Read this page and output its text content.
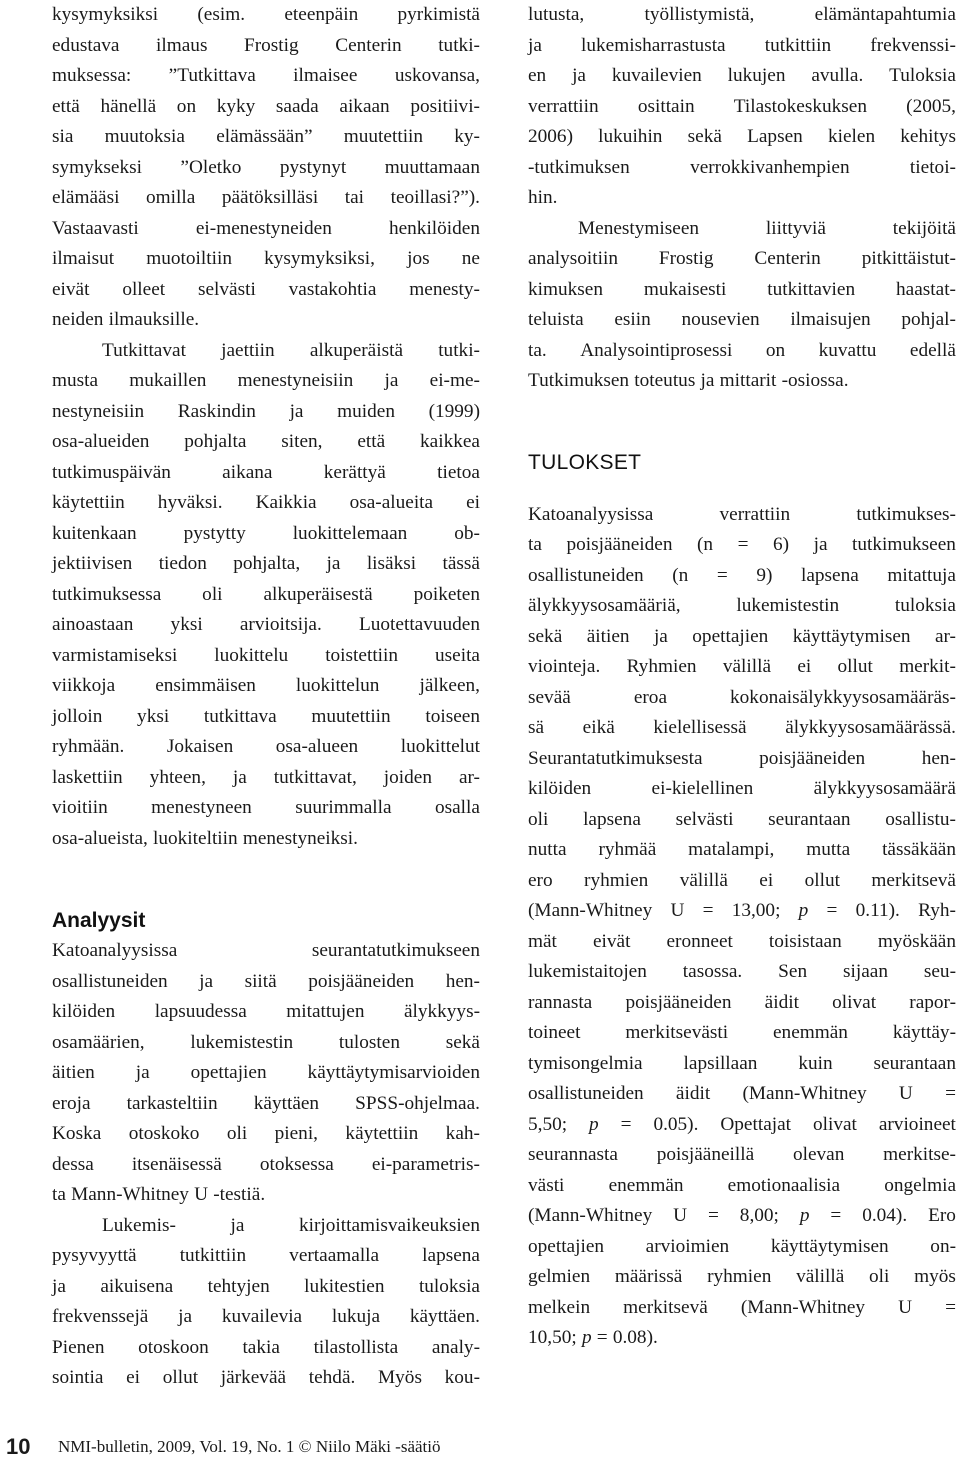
kysymyksiksi (esim. eteenpäin pyrkimistä
edustava ilmaus Frostig Centerin tutki-
muksessa: ”Tutkittava ilmaisee uskovansa,
että hänellä on kyky saada aikaan positiivi-
sia muutoksia elämässään” muutettiin ky-
symykseksi ”Oletko pystynyt muuttamaan
elämääsi omilla päätöksilläsi tai teoillasi?”).
Vastaavasti	ei-menestyneiden	henkilöiden
ilmaisut muotoiltiin kysymyksiksi, jos ne
eivät olleet selvästi vastakohtia menesty-
neiden ilmauksille.
Tutkittavat jaettiin alkuperäistä tutki-
musta mukaillen menestyneisiin ja ei-me-
nestyneisiin Raskindin ja muiden (1999)
osa-alueiden pohjalta siten, että kaikkea
tutkimuspäivän	aikana	kerättyä	tietoa
käytettiin hyväksi. Kaikkia osa-alueita ei
kuitenkaan pystytty luokittelemaan ob-
jektiivisen tiedon pohjalta, ja lisäksi tässä
tutkimuksessa oli alkuperäisestä poiketen
ainoastaan yksi arvioitsija. Luotettavuuden
varmistamiseksi luokittelu toistettiin useita
viikkoja ensimmäisen luokittelun jälkeen,
jolloin yksi tutkittava muutettiin toiseen
ryhmään. Jokaisen osa-alueen luokittelut
laskettiin yhteen, ja tutkittavat, joiden ar-
vioitiin menestyneen suurimmalla osalla
osa-alueista, luokiteltiin menestyneiksi.
Analyysit
Katoanalyysissa	seurantatutkimukseen
osallistuneiden ja siitä poisjääneiden hen-
kilöiden lapsuudessa mitattujen älykkyys-
osamäärien, lukemistestin tulosten sekä
äitien ja opettajien käyttäytymisarvioiden
eroja tarkasteltiin käyttäen SPSS-ohjelmaa.
Koska otoskoko oli pieni, käytettiin kah-
dessa itsenäisessä otoksessa ei-parametris-
ta Mann-Whitney U -testiä.
Lukemis-	ja	kirjoittamisvaikeuksien
pysyvyyttä tutkittiin vertaamalla lapsena
ja aikuisena tehtyjen lukitestien tuloksia
frekvenssejä ja kuvailevia lukuja käyttäen.
Pienen otoskoon takia tilastollista analy-
sointia ei ollut järkevää tehdä. Myös kou-
lutusta,	työllistymistä,	elämäntapahtumia
ja lukemisharrastusta tutkittiin frekvenssi-
en ja kuvailevien lukujen avulla. Tuloksia
verrattiin osittain Tilastokeskuksen (2005,
2006) lukuihin sekä Lapsen kielen kehitys
-tutkimuksen	verrokkivanhempien	tietoi-
hin.
Menestymiseen	liittyviä	tekijöitä
analysoitiin Frostig Centerin pitkittäistut-
kimuksen mukaisesti tutkittavien haastat-
teluista esiin nousevien ilmaisujen pohjal-
ta. Analysointiprosessi on kuvattu edellä
Tutkimuksen toteutus ja mittarit -osiossa.
TULOKSET
Katoanalyysissa	verrattiin	tutkimukses-
ta poisjääneiden (n = 6) ja tutkimukseen
osallistuneiden (n = 9) lapsena mitattuja
älykkyysosamääriä,	lukemistestin	tuloksia
sekä äitien ja opettajien käyttäytymisen ar-
viointeja. Ryhmien välillä ei ollut merkit-
sevää	eroa	kokonaisälykkyysosamääräs-
sä eikä kielellisessä älykkyysosamäärässä.
Seurantatutkimuksesta	poisjääneiden	hen-
kilöiden	ei-kielellinen	älykkyysosamäärä
oli lapsena selvästi seurantaan osallistu-
nutta ryhmää matalampi, mutta tässäkään
ero ryhmien välillä ei ollut merkitsevä
(Mann-Whitney U = 13,00; p = 0.11). Ryh-
mät eivät eronneet toisistaan myöskään
lukemistaitojen tasossa. Sen sijaan seu-
rannasta poisjääneiden äidit olivat rapor-
toineet merkitsevästi enemmän käyttäy-
tymisongelmia lapsillaan kuin seurantaan
osallistuneiden äidit (Mann-Whitney U =
5,50; p = 0.05). Opettajat olivat arvioineet
seurannasta poisjääneillä olevan merkitse-
västi enemmän emotionaalisia ongelmia
(Mann-Whitney U = 8,00; p = 0.04). Ero
opettajien arvioimien käyttäytymisen on-
gelmien määrissä ryhmien välillä oli myös
melkein merkitsevä (Mann-Whitney U =
10,50; p = 0.08).
10 NMI-bulletin, 2009, Vol. 19, No. 1 © Niilo Mäki -säätiö
